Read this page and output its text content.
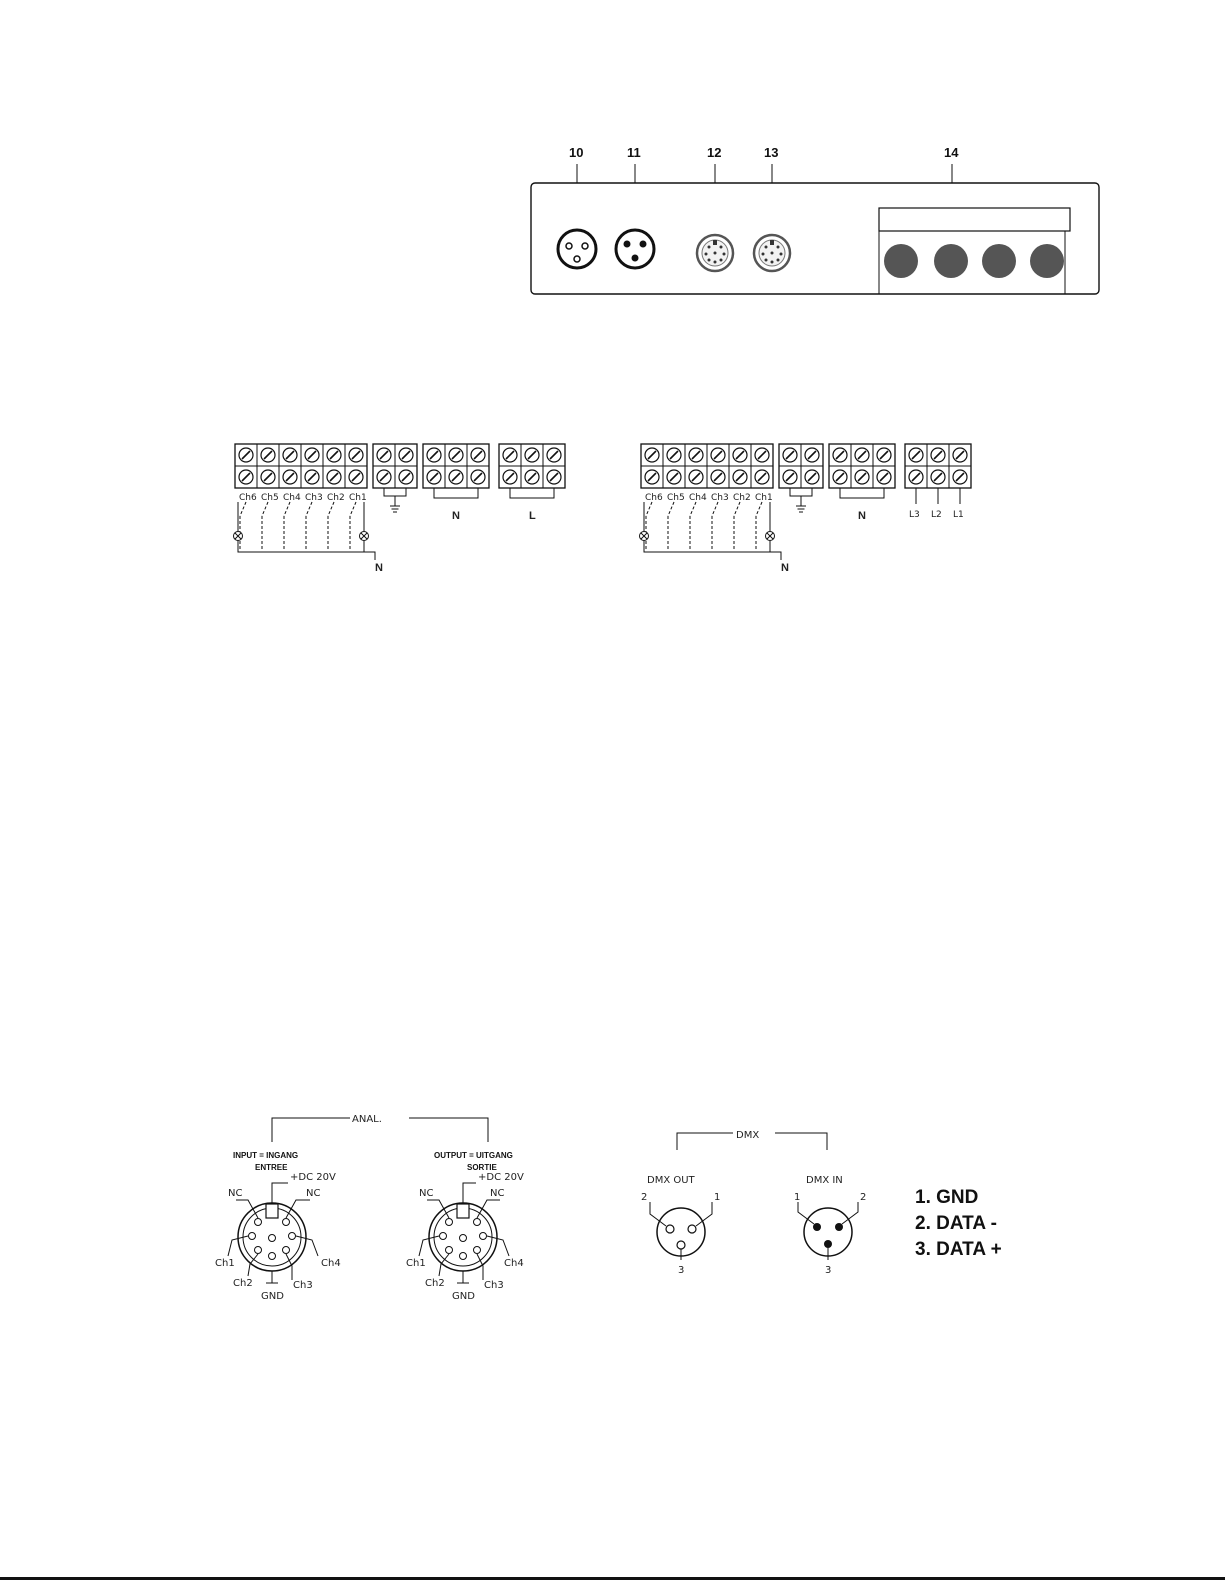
10	11	12	13	14
Ch6 Ch5 Ch4 Ch3 Ch2 Ch1
N
N	L
Ch6 Ch5 Ch4 Ch3 Ch2 Ch1
N
N	L3 L2 L1
ANAL.
INPUT = INGANG
ENTREE
+DC 20V
NC	NC
Ch1
Ch2	Ch3
Ch4
GND
OUTPUT = UITGANG
SORTIE
+DC 20V
NC	NC
Ch1
Ch2	Ch3
Ch4
GND
DMX
DMX OUT	DMX IN
2	1
3
1	2
3
1. GND
2. DATA -
3. DATA +
